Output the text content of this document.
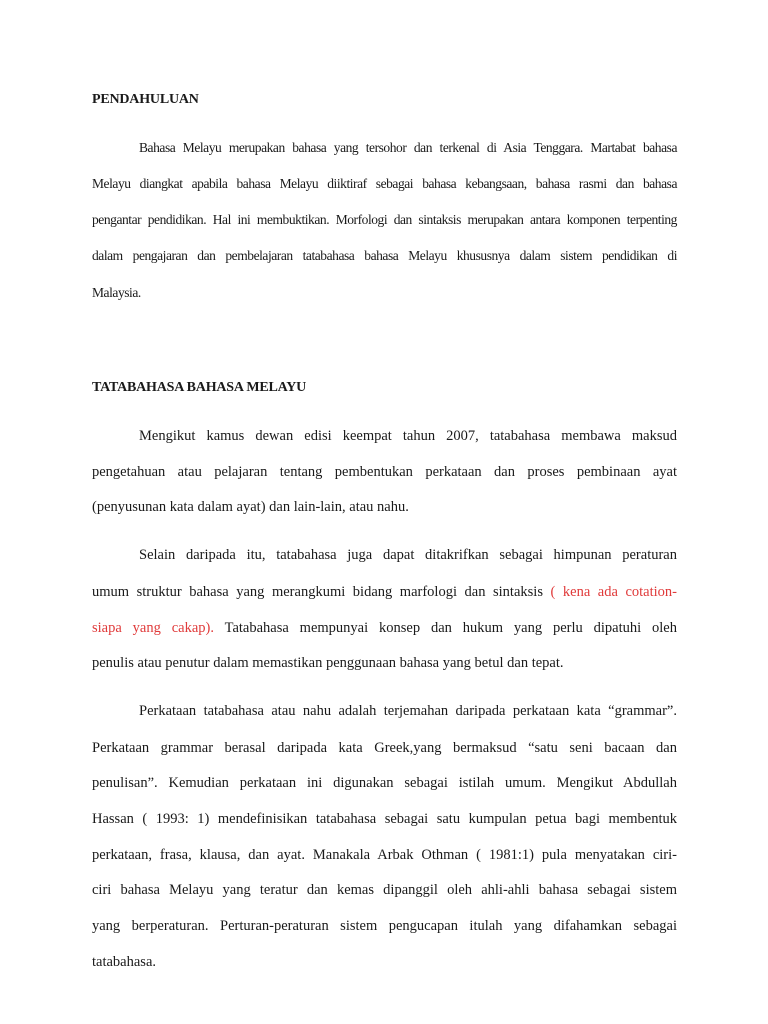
PENDAHULUAN
Bahasa Melayu merupakan bahasa yang tersohor dan terkenal di Asia Tenggara. Martabat bahasa
Melayu diangkat apabila bahasa Melayu diiktiraf sebagai bahasa kebangsaan, bahasa rasmi dan bahasa
pengantar pendidikan. Hal ini membuktikan. Morfologi dan sintaksis merupakan antara komponen terpenting
dalam pengajaran dan pembelajaran tatabahasa bahasa Melayu khususnya dalam sistem pendidikan di
Malaysia.
TATABAHASA BAHASA MELAYU
Mengikut kamus dewan edisi keempat tahun 2007, tatabahasa membawa maksud
pengetahuan atau pelajaran tentang pembentukan perkataan dan proses pembinaan ayat
(penyusunan kata dalam ayat) dan lain-lain, atau nahu.
Selain daripada itu, tatabahasa juga dapat ditakrifkan sebagai himpunan peraturan
umum struktur bahasa yang merangkumi bidang marfologi dan sintaksis ( kena ada cotation-
siapa yang cakap). Tatabahasa mempunyai konsep dan hukum yang perlu dipatuhi oleh
penulis atau penutur dalam memastikan penggunaan bahasa yang betul dan tepat.
Perkataan tatabahasa atau nahu adalah terjemahan daripada perkataan kata “grammar”.
Perkataan grammar berasal daripada kata Greek,yang bermaksud “satu seni bacaan dan
penulisan”. Kemudian perkataan ini digunakan sebagai istilah umum. Mengikut Abdullah
Hassan ( 1993: 1) mendefinisikan tatabahasa sebagai satu kumpulan petua bagi membentuk
perkataan, frasa, klausa, dan ayat. Manakala Arbak Othman ( 1981:1) pula menyatakan ciri-
ciri bahasa Melayu yang teratur dan kemas dipanggil oleh ahli-ahli bahasa sebagai sistem
yang berperaturan. Perturan-peraturan sistem pengucapan itulah yang difahamkan sebagai
tatabahasa.
